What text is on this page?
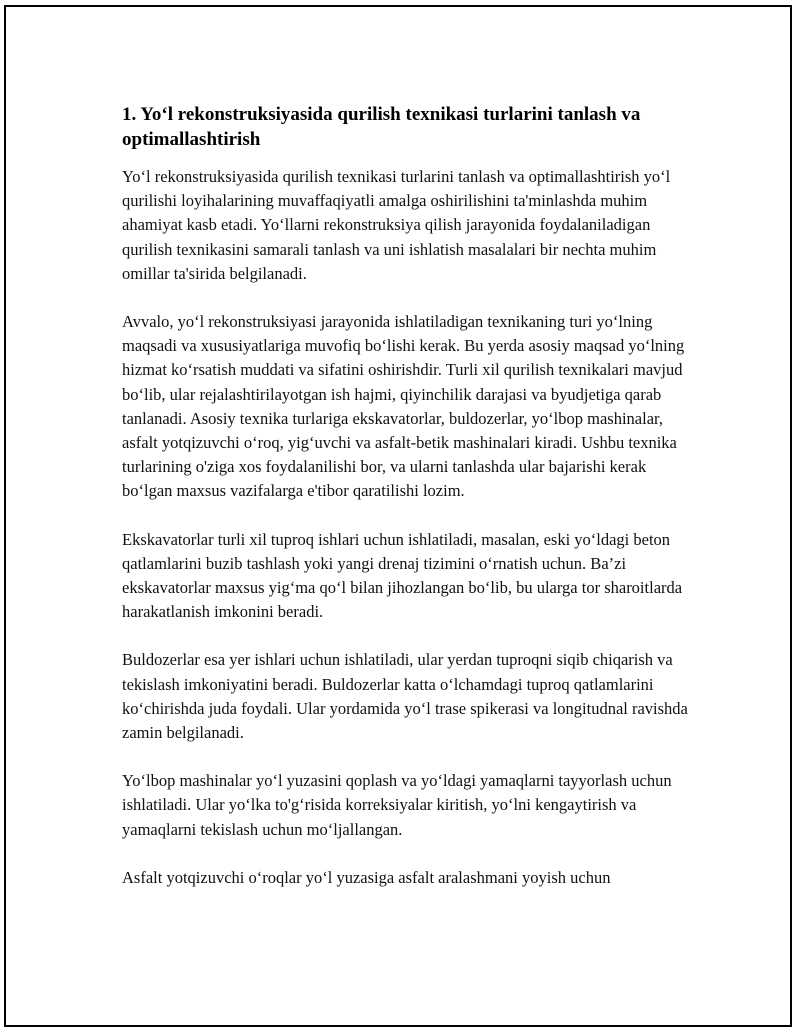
1. Yo‘l rekonstruksiyasida qurilish texnikasi turlarini tanlash va optimallashtirish

Yo‘l rekonstruksiyasida qurilish texnikasi turlarini tanlash va optimallashtirish yo‘l qurilishi loyihalarining muvaffaqiyatli amalga oshirilishini ta'minlashda muhim ahamiyat kasb etadi. Yo‘llarni rekonstruksiya qilish jarayonida foydalaniladigan qurilish texnikasini samarali tanlash va uni ishlatish masalalari bir nechta muhim omillar ta'sirida belgilanadi.

Avvalo, yo‘l rekonstruksiyasi jarayonida ishlatiladigan texnikaning turi yo‘lning maqsadi va xususiyatlariga muvofiq bo‘lishi kerak. Bu yerda asosiy maqsad yo‘lning hizmat ko‘rsatish muddati va sifatini oshirishdir. Turli xil qurilish texnikalari mavjud bo‘lib, ular rejalashtirilayotgan ish hajmi, qiyinchilik darajasi va byudjetiga qarab tanlanadi. Asosiy texnika turlariga ekskavatorlar, buldozerlar, yo‘lbop mashinalar, asfalt yotqizuvchi o‘roq, yig‘uvchi va asfalt-betik mashinalari kiradi. Ushbu texnika turlarining o'ziga xos foydalanilishi bor, va ularni tanlashda ular bajarishi kerak bo‘lgan maxsus vazifalarga e'tibor qaratilishi lozim.

Ekskavatorlar turli xil tuproq ishlari uchun ishlatiladi, masalan, eski yo‘ldagi beton qatlamlarini buzib tashlash yoki yangi drenaj tizimini o‘rnatish uchun. Ba’zi ekskavatorlar maxsus yig‘ma qo‘l bilan jihozlangan bo‘lib, bu ularga tor sharoitlarda harakatlanish imkonini beradi.

Buldozerlar esa yer ishlari uchun ishlatiladi, ular yerdan tuproqni siqib chiqarish va tekislash imkoniyatini beradi. Buldozerlar katta o‘lchamdagi tuproq qatlamlarini ko‘chirishda juda foydali. Ular yordamida yo‘l trase spikerasi va longitudnal ravishda zamin belgilanadi.

Yo‘lbop mashinalar yo‘l yuzasini qoplash va yo‘ldagi yamaqlarni tayyorlash uchun ishlatiladi. Ular yo‘lka to'g‘risida korreksiyalar kiritish, yo‘lni kengaytirish va yamaqlarni tekislash uchun mo‘ljallangan.

Asfalt yotqizuvchi o‘roqlar yo‘l yuzasiga asfalt aralashmani yoyish uchun
